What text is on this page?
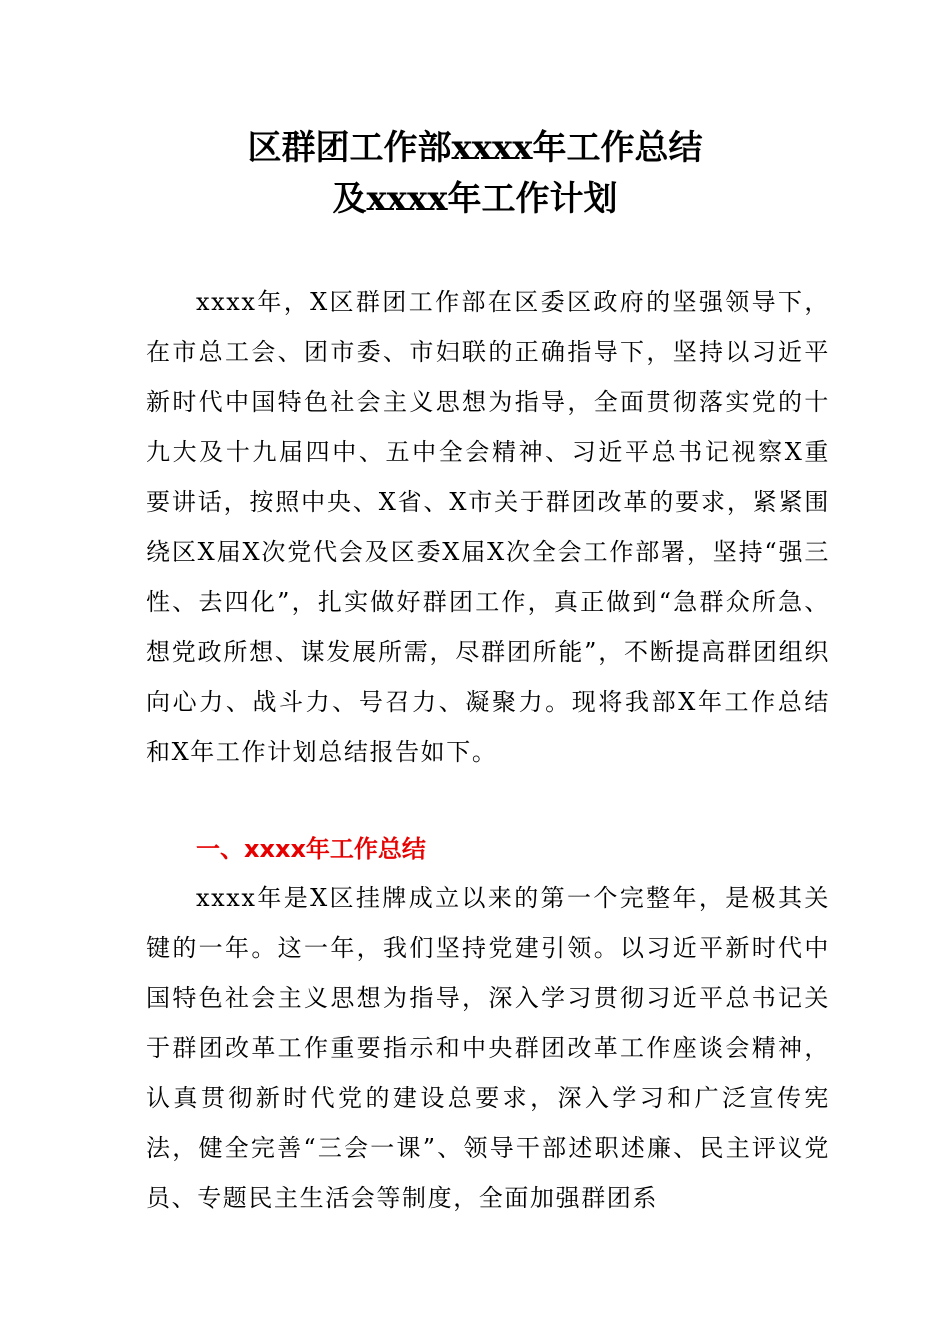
区群团工作部xxxx年工作总结
及xxxx年工作计划

xxxx年，X区群团工作部在区委区政府的坚强领导下，在市总工会、团市委、市妇联的正确指导下，坚持以习近平新时代中国特色社会主义思想为指导，全面贯彻落实党的十九大及十九届四中、五中全会精神、习近平总书记视察X重要讲话，按照中央、X省、X市关于群团改革的要求，紧紧围绕区X届X次党代会及区委X届X次全会工作部署，坚持“强三性、去四化”，扎实做好群团工作，真正做到“急群众所急、想党政所想、谋发展所需，尽群团所能”，不断提高群团组织向心力、战斗力、号召力、凝聚力。现将我部X年工作总结和X年工作计划总结报告如下。

一、xxxx年工作总结

xxxx年是X区挂牌成立以来的第一个完整年，是极其关键的一年。这一年，我们坚持党建引领。以习近平新时代中国特色社会主义思想为指导，深入学习贯彻习近平总书记关于群团改革工作重要指示和中央群团改革工作座谈会精神，认真贯彻新时代党的建设总要求，深入学习和广泛宣传宪法，健全完善“三会一课”、领导干部述职述廉、民主评议党员、专题民主生活会等制度，全面加强群团系
